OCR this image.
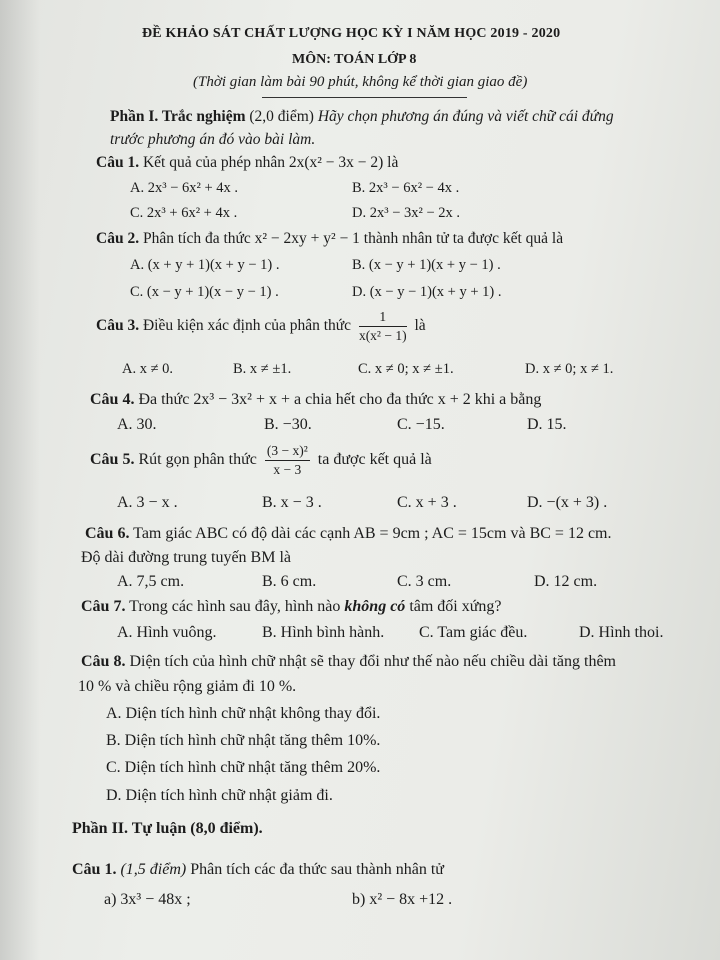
ĐỀ KHẢO SÁT CHẤT LƯỢNG HỌC KỲ I NĂM HỌC 2019 - 2020
MÔN: TOÁN LỚP 8
(Thời gian làm bài 90 phút, không kể thời gian giao đề)
Phần I. Trắc nghiệm (2,0 điểm) Hãy chọn phương án đúng và viết chữ cái đứng
trước phương án đó vào bài làm.
Câu 1. Kết quả của phép nhân 2x(x² − 3x − 2) là
A. 2x³ − 6x² + 4x .	B. 2x³ − 6x² − 4x .
C. 2x³ + 6x² + 4x .	D. 2x³ − 3x² − 2x .
Câu 2. Phân tích đa thức x² − 2xy + y² − 1 thành nhân tử ta được kết quả là
A. (x + y + 1)(x + y − 1) .	B. (x − y + 1)(x + y − 1) .
C. (x − y + 1)(x − y − 1) .	D. (x − y − 1)(x + y + 1) .
Câu 3. Điều kiện xác định của phân thức $\frac{1}{\text{x(x² − 1)}}$ là
A. x ≠ 0.	B. x ≠ ±1.	C. x ≠ 0; x ≠ ±1.	D. x ≠ 0; x ≠ 1.
Câu 4. Đa thức 2x³ − 3x² + x + a chia hết cho đa thức x + 2 khi a bằng
A. 30.	B. −30.	C. −15.	D. 15.
Câu 5. Rút gọn phân thức $\frac{\text{(3 − x)²}}{x - 3}$ ta được kết quả là
A. 3 − x .	B. x − 3 .	C. x + 3 .	D. −(x + 3) .
Câu 6. Tam giác ABC có độ dài các cạnh AB = 9cm ; AC = 15cm và BC = 12 cm.
Độ dài đường trung tuyến BM là
A. 7,5 cm.	B. 6 cm.	C. 3 cm.	D. 12 cm.
Câu 7. Trong các hình sau đây, hình nào không có tâm đối xứng?
A. Hình vuông.	B. Hình bình hành. C. Tam giác đều.	D. Hình thoi.
Câu 8. Diện tích của hình chữ nhật sẽ thay đổi như thế nào nếu chiều dài tăng thêm
10 % và chiều rộng giảm đi 10 %.
A. Diện tích hình chữ nhật không thay đổi.
B. Diện tích hình chữ nhật tăng thêm 10%.
C. Diện tích hình chữ nhật tăng thêm 20%.
D. Diện tích hình chữ nhật giảm đi.
Phần II. Tự luận (8,0 điểm).
Câu 1. (1,5 điểm) Phân tích các đa thức sau thành nhân tử
a) 3x³ − 48x ;	b) x² − 8x +12 .
